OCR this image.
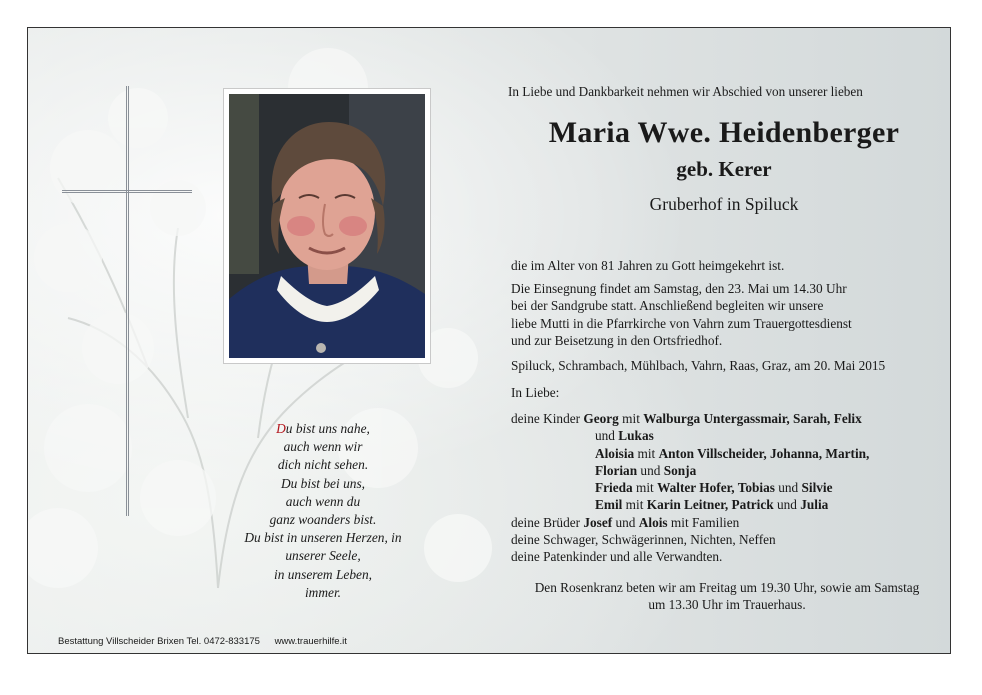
Du bist uns nahe,
auch wenn wir
dich nicht sehen.
Du bist bei uns,
auch wenn du
ganz woanders bist.
Du bist in unseren Herzen, in
unserer Seele,
in unserem Leben,
immer.
In Liebe und Dankbarkeit nehmen wir Abschied von unserer lieben
Maria Wwe. Heidenberger
geb. Kerer
Gruberhof in Spiluck
die im Alter von 81 Jahren zu Gott heimgekehrt ist.
Die Einsegnung findet am Samstag, den 23. Mai um 14.30 Uhr
bei der Sandgrube statt. Anschließend begleiten wir unsere
liebe Mutti in die Pfarrkirche von Vahrn zum Trauergottesdienst
und zur Beisetzung in den Ortsfriedhof.
Spiluck, Schrambach, Mühlbach, Vahrn, Raas, Graz, am 20. Mai 2015
In Liebe:
deine Kinder Georg mit Walburga Untergassmair, Sarah, Felix
und Lukas
Aloisia mit Anton Villscheider, Johanna, Martin,
Florian und Sonja
Frieda mit Walter Hofer, Tobias und Silvie
Emil mit Karin Leitner, Patrick und Julia
deine Brüder Josef und Alois mit Familien
deine Schwager, Schwägerinnen, Nichten, Neffen
deine Patenkinder und alle Verwandten.
Den Rosenkranz beten wir am Freitag um 19.30 Uhr, sowie am Samstag
um 13.30 Uhr im Trauerhaus.
Bestattung Villscheider Brixen Tel. 0472-833175 www.trauerhilfe.it
